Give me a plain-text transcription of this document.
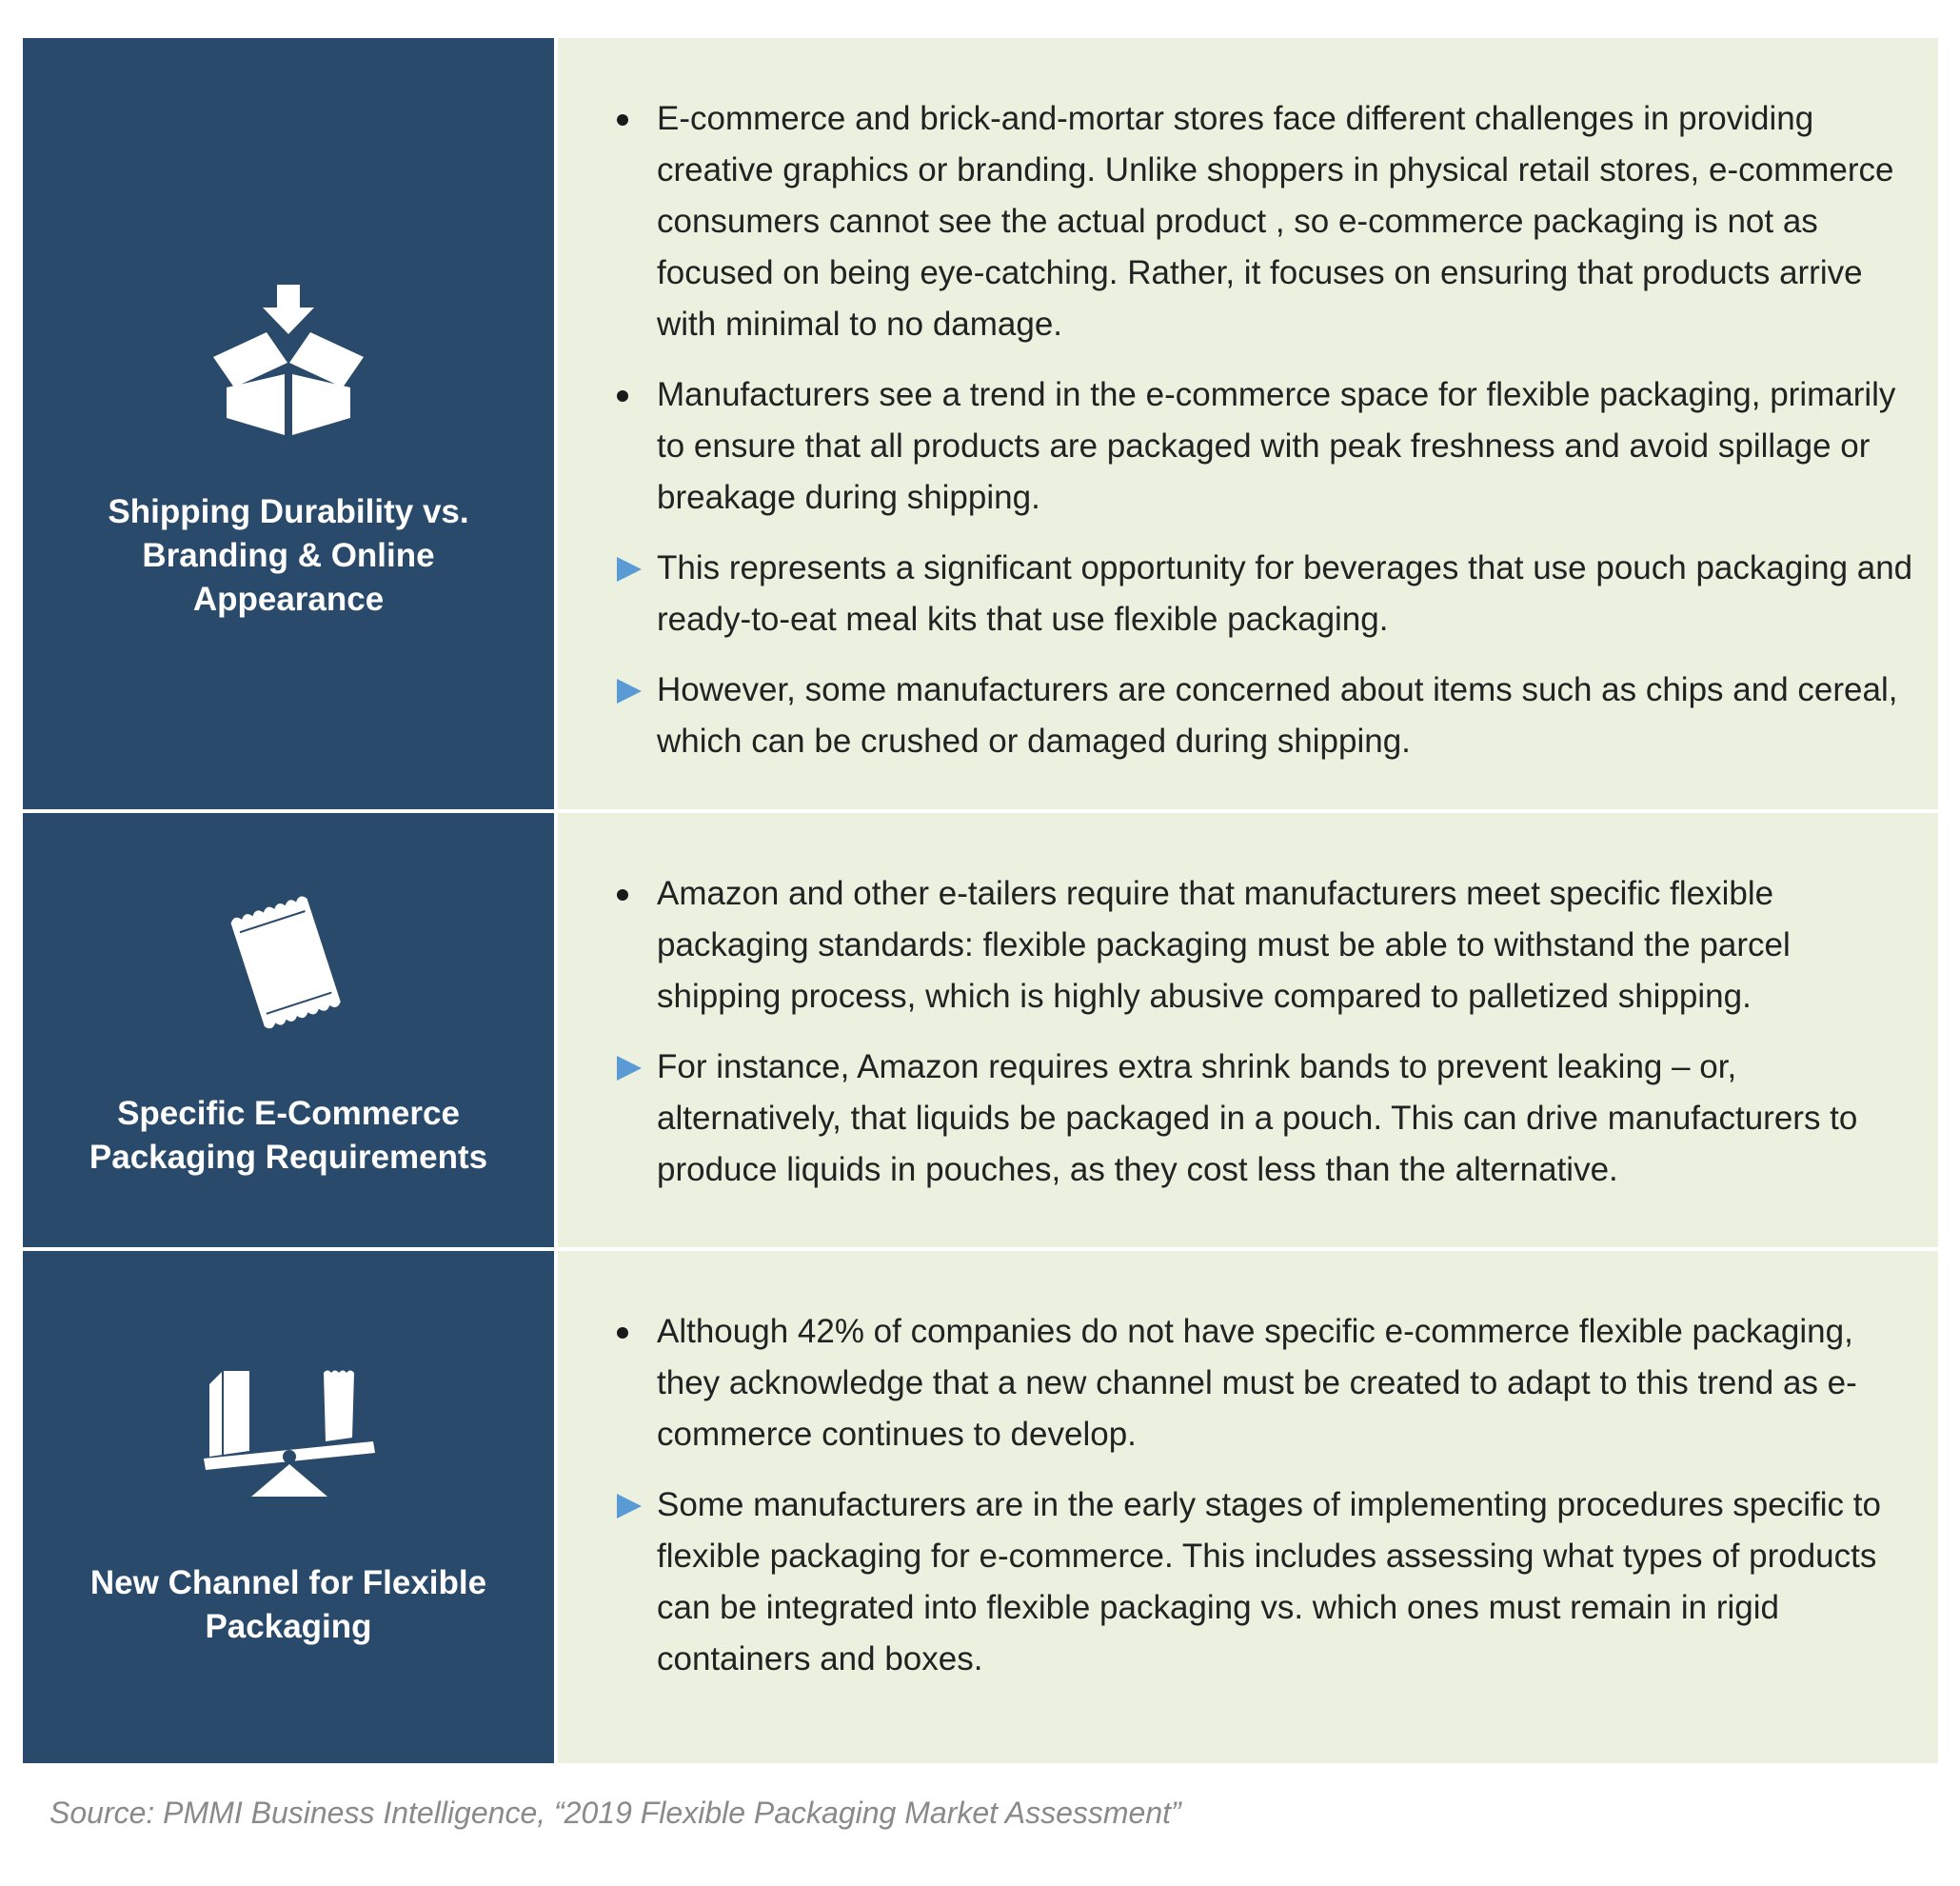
Shipping Durability vs. Branding & Online Appearance
E-commerce and brick-and-mortar stores face different challenges in providing creative graphics or branding. Unlike shoppers in physical retail stores, e-commerce consumers cannot see the actual product , so e-commerce packaging is not as focused on being eye-catching. Rather, it focuses on ensuring that products arrive with minimal to no damage.
Manufacturers see a trend in the e-commerce space for flexible packaging, primarily to ensure that all products are packaged with peak freshness and avoid spillage or breakage during shipping.
This represents a significant opportunity for beverages that use pouch packaging and ready-to-eat meal kits that use flexible packaging.
However, some manufacturers are concerned about items such as chips and cereal, which can be crushed or damaged during shipping.
Specific E-Commerce Packaging Requirements
Amazon and other e-tailers require that manufacturers meet specific flexible packaging standards: flexible packaging must be able to withstand the parcel shipping process, which is highly abusive compared to palletized shipping.
For instance, Amazon requires extra shrink bands to prevent leaking – or, alternatively, that liquids be packaged in a pouch. This can drive manufacturers to produce liquids in pouches, as they cost less than the alternative.
New Channel for Flexible Packaging
Although 42% of companies do not have specific e-commerce flexible packaging, they acknowledge that a new channel must be created to adapt to this trend as e-commerce continues to develop.
Some manufacturers are in the early stages of implementing procedures specific to flexible packaging for e-commerce. This includes assessing what types of products can be integrated into flexible packaging vs. which ones must remain in rigid containers and boxes.
Source: PMMI Business Intelligence, “2019 Flexible Packaging Market Assessment”
